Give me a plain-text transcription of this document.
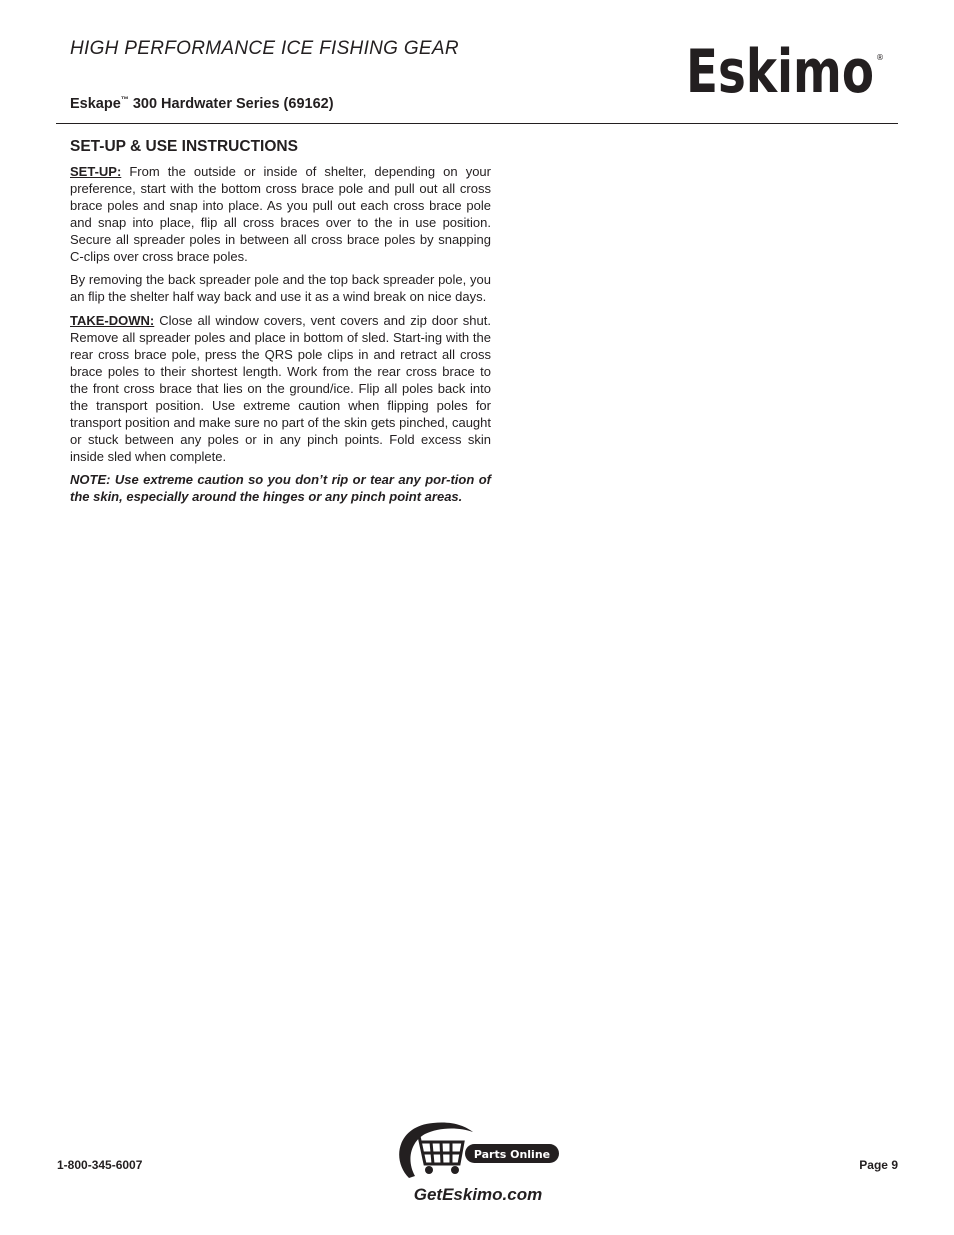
HIGH PERFORMANCE ICE FISHING GEAR
Eskape™ 300 Hardwater Series (69162)	Eskimo ®
SET-UP & USE INSTRUCTIONS

SET-UP: From the outside or inside of shelter, depending on your preference, start with the bottom cross brace pole and pull out all cross brace poles and snap into place. As you pull out each cross brace pole and snap into place, flip all cross braces over to the in use position. Secure all spreader poles in between all cross brace poles by snapping C-clips over cross brace poles.

By removing the back spreader pole and the top back spreader pole, you an flip the shelter half way back and use it as a wind break on nice days.

TAKE-DOWN: Close all window covers, vent covers and zip door shut. Remove all spreader poles and place in bottom of sled. Start-ing with the rear cross brace pole, press the QRS pole clips in and retract all cross brace poles to their shortest length. Work from the rear cross brace to the front cross brace that lies on the ground/ice. Flip all poles back into the transport position. Use extreme caution when flipping poles for transport position and make sure no part of the skin gets pinched, caught or stuck between any poles or in any pinch points. Fold excess skin inside sled when complete.

NOTE: Use extreme caution so you don’t rip or tear any por-tion of the skin, especially around the hinges or any pinch point areas.

1-800-345-6007
Parts Online
GetEskimo.com
Page 9
